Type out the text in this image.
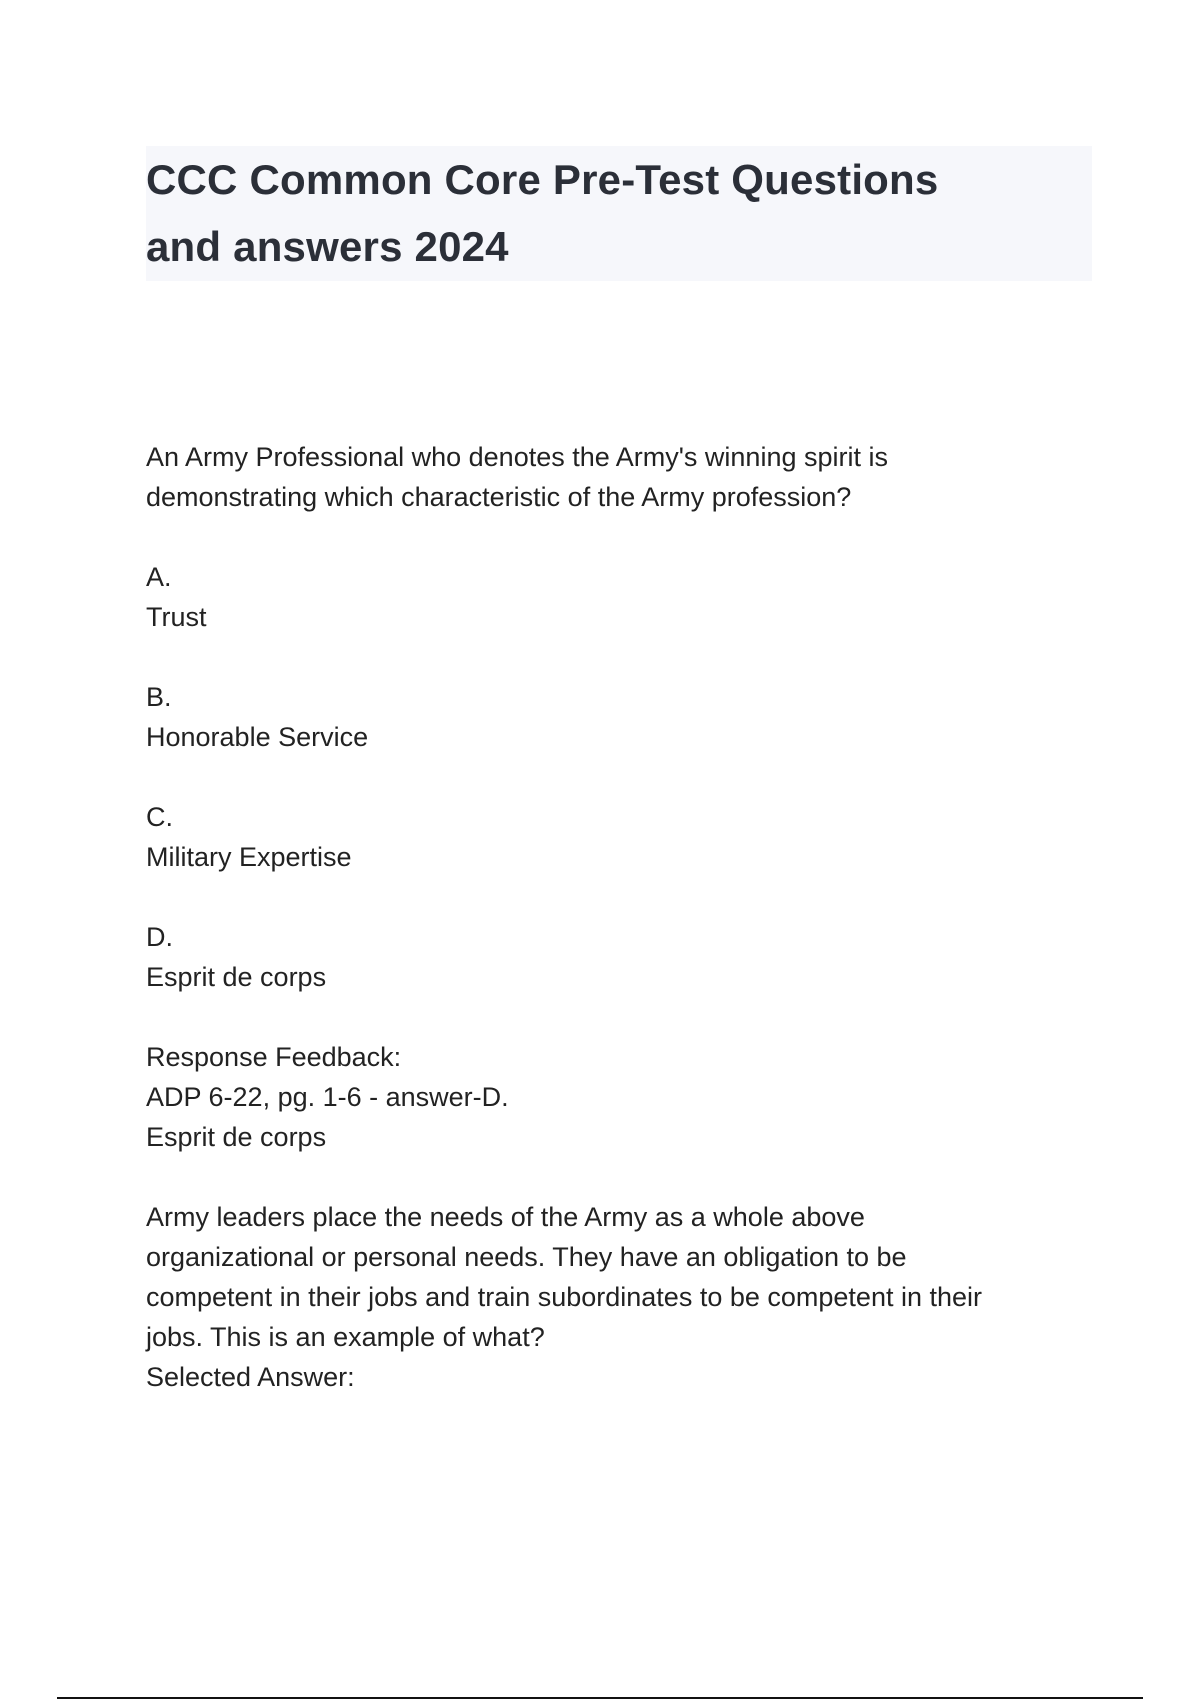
CCC Common Core Pre-Test Questions
and answers 2024

An Army Professional who denotes the Army's winning spirit is
demonstrating which characteristic of the Army profession?

A.
Trust
B.
Honorable Service
C.
Military Expertise
D.
Esprit de corps
Response Feedback:
ADP 6-22, pg. 1-6 - answer-D.
Esprit de corps
Army leaders place the needs of the Army as a whole above
organizational or personal needs. They have an obligation to be
competent in their jobs and train subordinates to be competent in their
jobs. This is an example of what?
Selected Answer:
